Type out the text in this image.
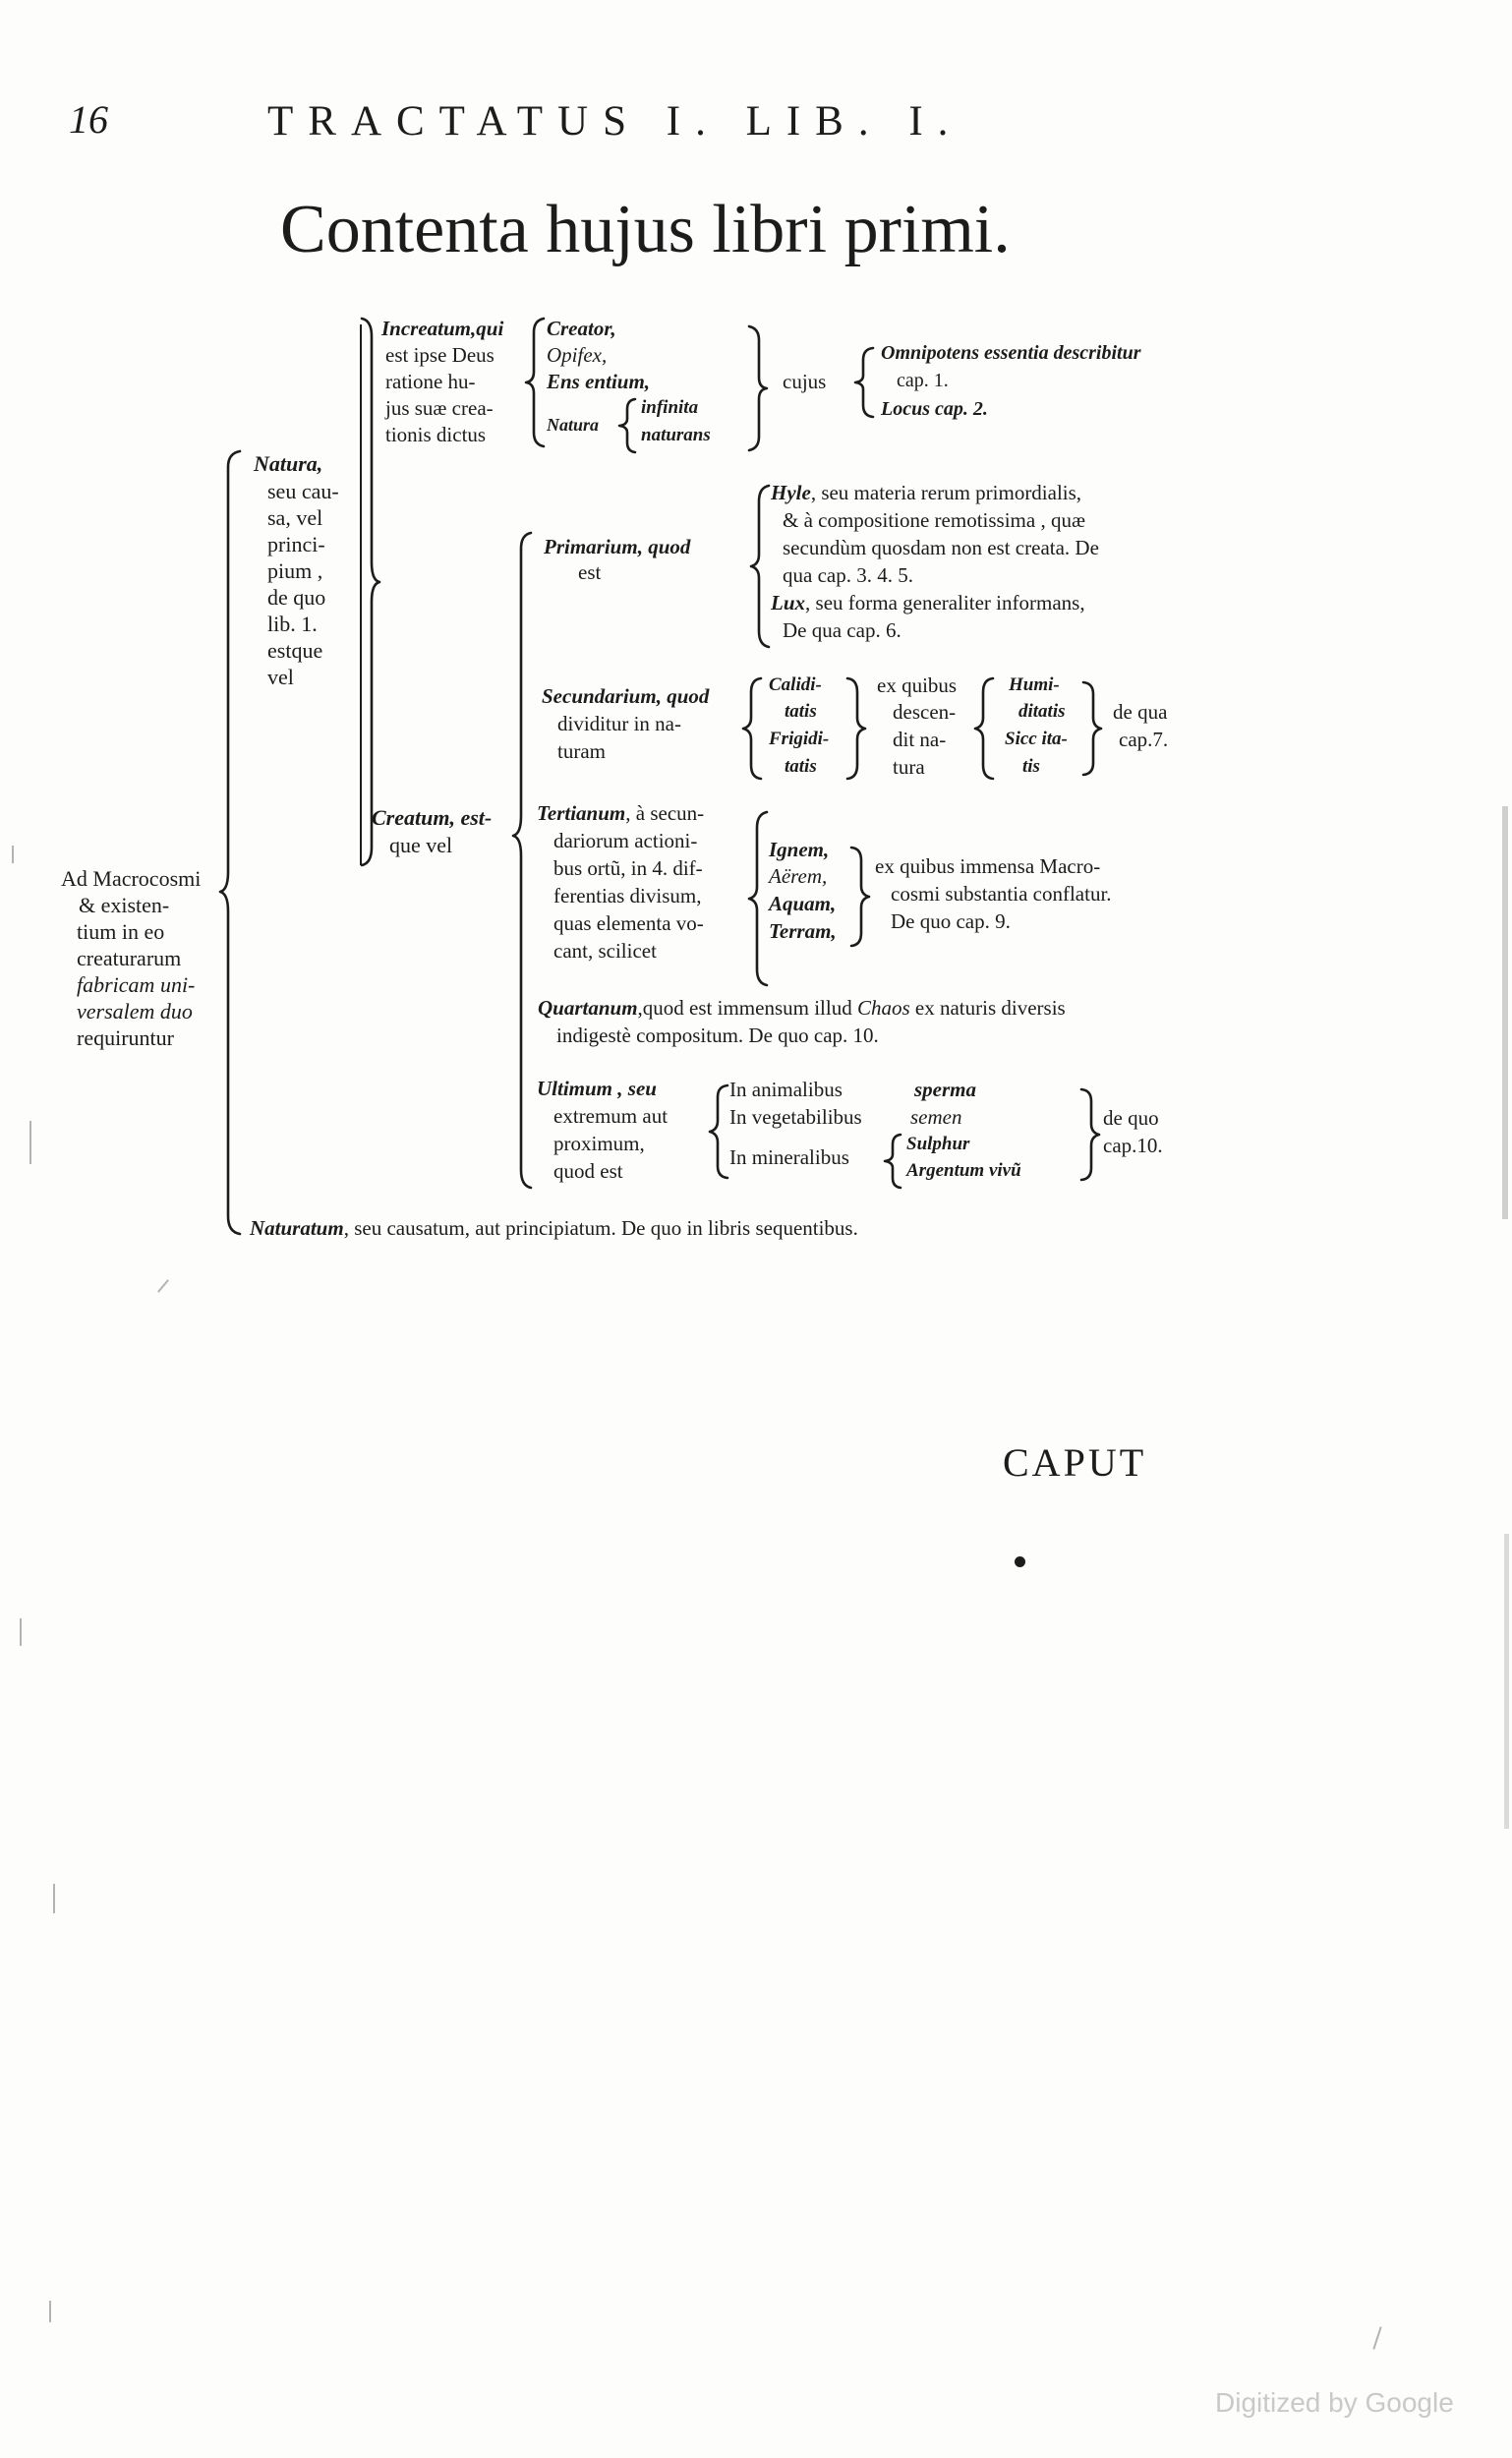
16	TRACTATUS I. LIB. I.
Contenta hujus libri primi.
Ad Macrocosmi
& existen-
tium in eo
creaturarum
fabricam uni-
versalem duo
requiruntur
Natura,
seu cau-
sa, vel
princi-
pium ,
de quo
lib. 1.
estque
vel
Increatum,qui
est ipse Deus
ratione hu-
jus suæ crea-
tionis dictus
Creator,
Opifex,
Ens entium,
Natura
infinita
naturans
cujus
Omnipotens essentia describitur
cap. 1.
Locus cap. 2.
Creatum, est-
que vel
Primarium, quod
est
Hyle, seu materia rerum primordialis,
& à compositione remotissima , quæ
secundùm quosdam non est creata. De
qua cap. 3. 4. 5.
Lux, seu forma generaliter informans,
De qua cap. 6.
Secundarium, quod
dividitur in na-
turam
Calidi-
tatis
Frigidi-
tatis
ex quibus
descen-
dit na-
tura
Humi-
ditatis
Sicc ita-
tis
de qua
cap.7.
Tertianum, à secun-
dariorum actioni-
bus ortũ, in 4. dif-
ferentias divisum,
quas elementa vo-
cant, scilicet
Ignem,
Aërem,
Aquam,
Terram,
ex quibus immensa Macro-
cosmi substantia conflatur.
De quo cap. 9.
Quartanum,quod est immensum illud Chaos ex naturis diversis
indigestè compositum. De quo cap. 10.
Ultimum , seu
extremum aut
proximum,
quod est
In animalibus
In vegetabilibus
In mineralibus
sperma
semen
Sulphur
Argentum vivũ
de quo
cap.10.
Naturatum, seu causatum, aut principiatum. De quo in libris sequentibus.
CAPUT
Digitized by Google
